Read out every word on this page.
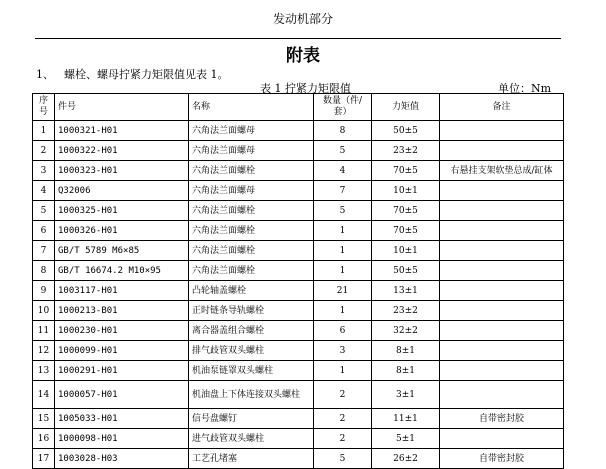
发动机部分
附表
1、 螺栓、螺母拧紧力矩限值见表 1。
表 1 拧紧力矩限值	单位：Nm
序号	件号	名称	数量（件/套）	力矩值	备注
1	1000321-H01	六角法兰面螺母	8	50±5	
2	1000322-H01	六角法兰面螺母	5	23±2	
3	1000323-H01	六角法兰面螺栓	4	70±5	右悬挂支架软垫总成/缸体
4	Q32006	六角法兰面螺母	7	10±1	
5	1000325-H01	六角法兰面螺栓	5	70±5	
6	1000326-H01	六角法兰面螺栓	1	70±5	
7	GB/T 5789 M6×85	六角法兰面螺栓	1	10±1	
8	GB/T 16674.2 M10×95	六角法兰面螺栓	1	50±5	
9	1003117-H01	凸轮轴盖螺栓	21	13±1	
10	1000213-B01	正时链条导轨螺栓	1	23±2	
11	1000230-H01	离合器盖组合螺栓	6	32±2	
12	1000099-H01	排气歧管双头螺柱	3	8±1	
13	1000291-H01	机油泵链罩双头螺柱	1	8±1	
14	1000057-H01	机油盘上下体连接双头螺柱	2	3±1	
15	1005033-H01	信号盘螺钉	2	11±1	自带密封胶
16	1000098-H01	进气歧管双头螺柱	2	5±1	
17	1003028-H03	工艺孔堵塞	5	26±2	自带密封胶
